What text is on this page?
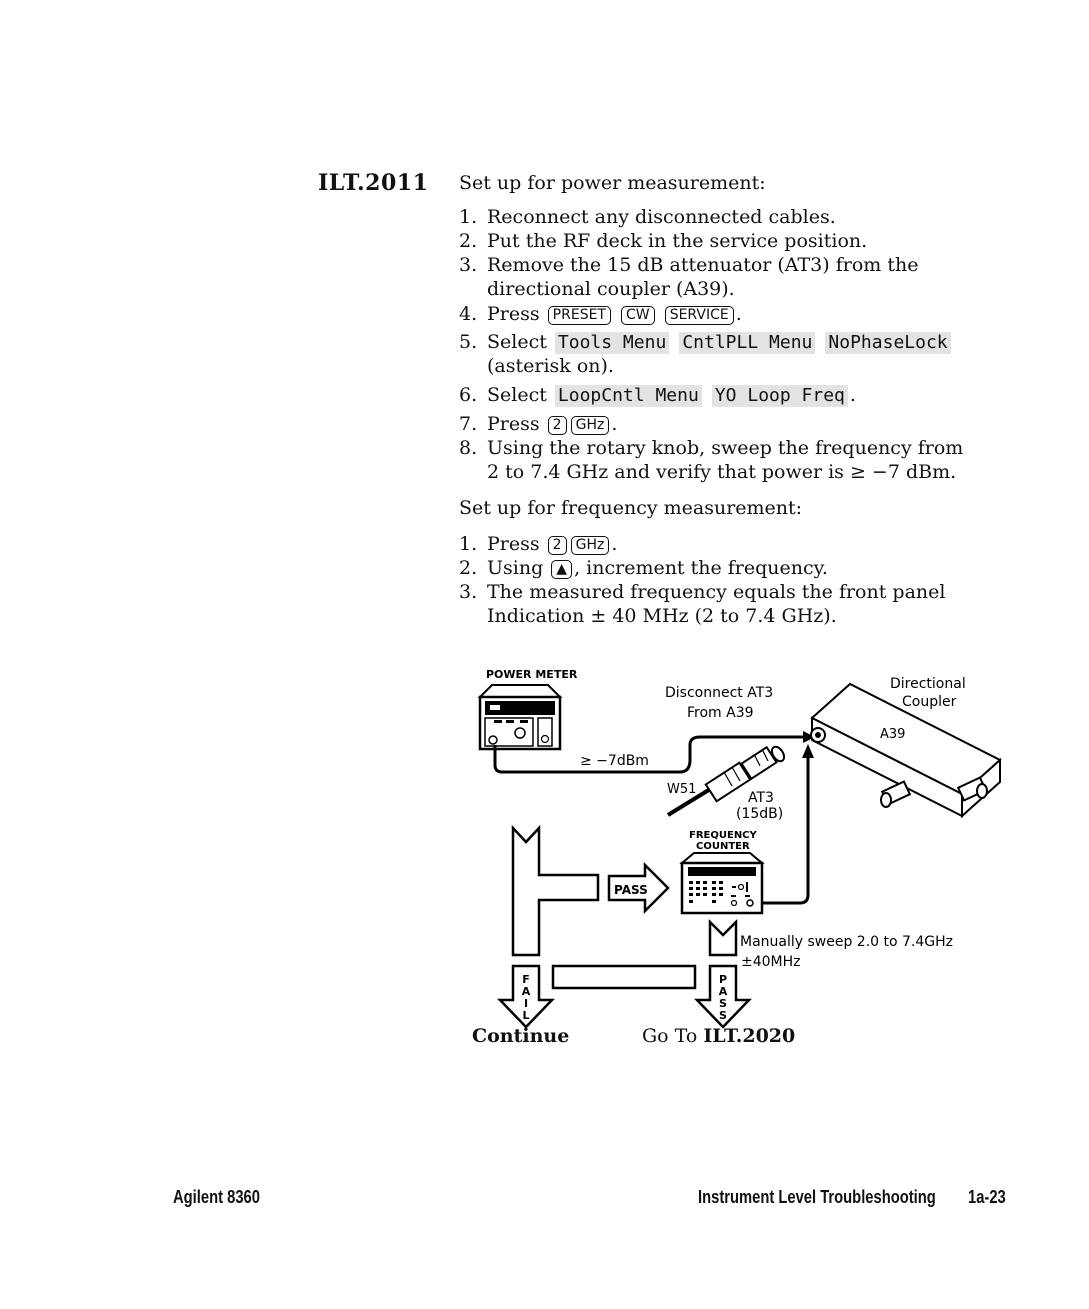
ILT.2011 Set up for power measurement:
1. Reconnect any disconnected cables.
2. Put the RF deck in the service position.
3. Remove the 15 dB attenuator (AT3) from the
directional coupler (A39).
4. Press PRESET CW SERVICE .
5. Select Tools Menu CntlPLL Menu NoPhaseLock
(asterisk on).
6. Select LoopCntl Menu YO Loop Freq .
7. Press 2 GHz .
8. Using the rotary knob, sweep the frequency from
2 to 7.4 GHz and verify that power is ≥ −7 dBm.
Set up for frequency measurement:
1. Press 2 GHz .
2. Using ▲ , increment the frequency.
3. The measured frequency equals the front panel
Indication ± 40 MHz (2 to 7.4 GHz).
POWER METER
≥ −7dBm
Disconnect AT3
From A39
Directional
Coupler
A39
W51
AT3
(15dB)
FREQUENCY
COUNTER
PASS
Manually sweep 2.0 to 7.4GHz
±40MHz
F
A
I
L
P
A
S
S
Continue	Go To ILT.2020
Agilent 8360	Instrument Level Troubleshooting 1a-23
